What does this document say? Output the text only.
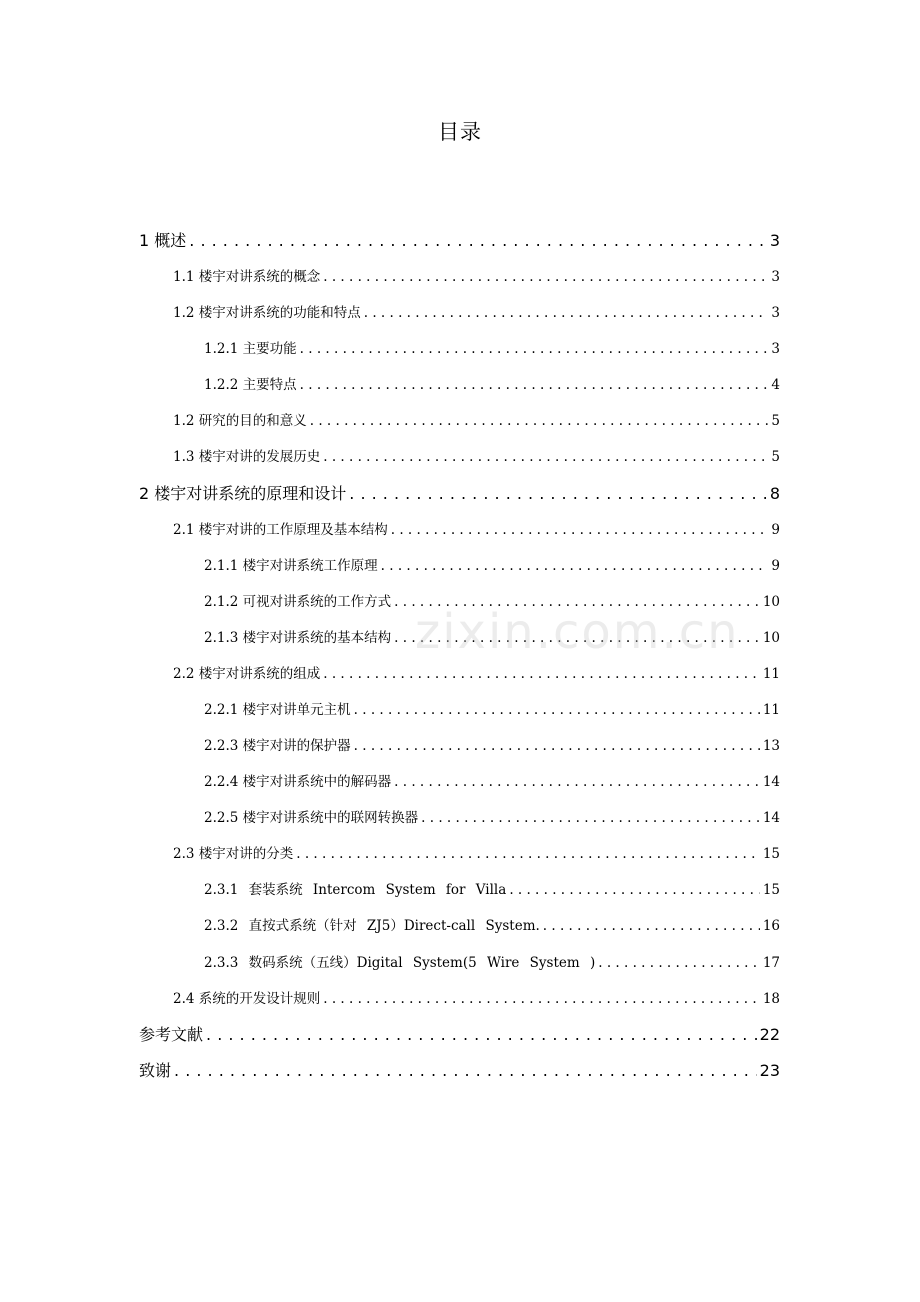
目录
1 概述 . . .	3
1.1 楼宇对讲系统的概念 . . .	3
1.2 楼宇对讲系统的功能和特点 . . .	3
1.2.1 主要功能 . . .	3
1.2.2 主要特点 . . .	4
1.2 研究的目的和意义 . . .	5
1.3 楼宇对讲的发展历史 . . .	5
2 楼宇对讲系统的原理和设计 . . .	8
2.1 楼宇对讲的工作原理及基本结构 . . .	9
2.1.1 楼宇对讲系统工作原理 . . .	9
2.1.2 可视对讲系统的工作方式 . . .	10
2.1.3 楼宇对讲系统的基本结构 . . .	10
2.2 楼宇对讲系统的组成 . . .	11
2.2.1 楼宇对讲单元主机 . . .	11
2.2.3 楼宇对讲的保护器 . . .	13
2.2.4 楼宇对讲系统中的解码器 . . .	14
2.2.5 楼宇对讲系统中的联网转换器 . . .	14
2.3 楼宇对讲的分类 . . .	15
2.3.1 套装系统 Intercom System for Villa . . .	15
2.3.2 直按式系统（针对 ZJ5）Direct-call System. . . .	16
2.3.3 数码系统（五线）Digital System(5 Wire System ) . . .	17
2.4 系统的开发设计规则 . . .	18
参考文献 . . .	22
致谢 . . .	23
zixin.com.cn
